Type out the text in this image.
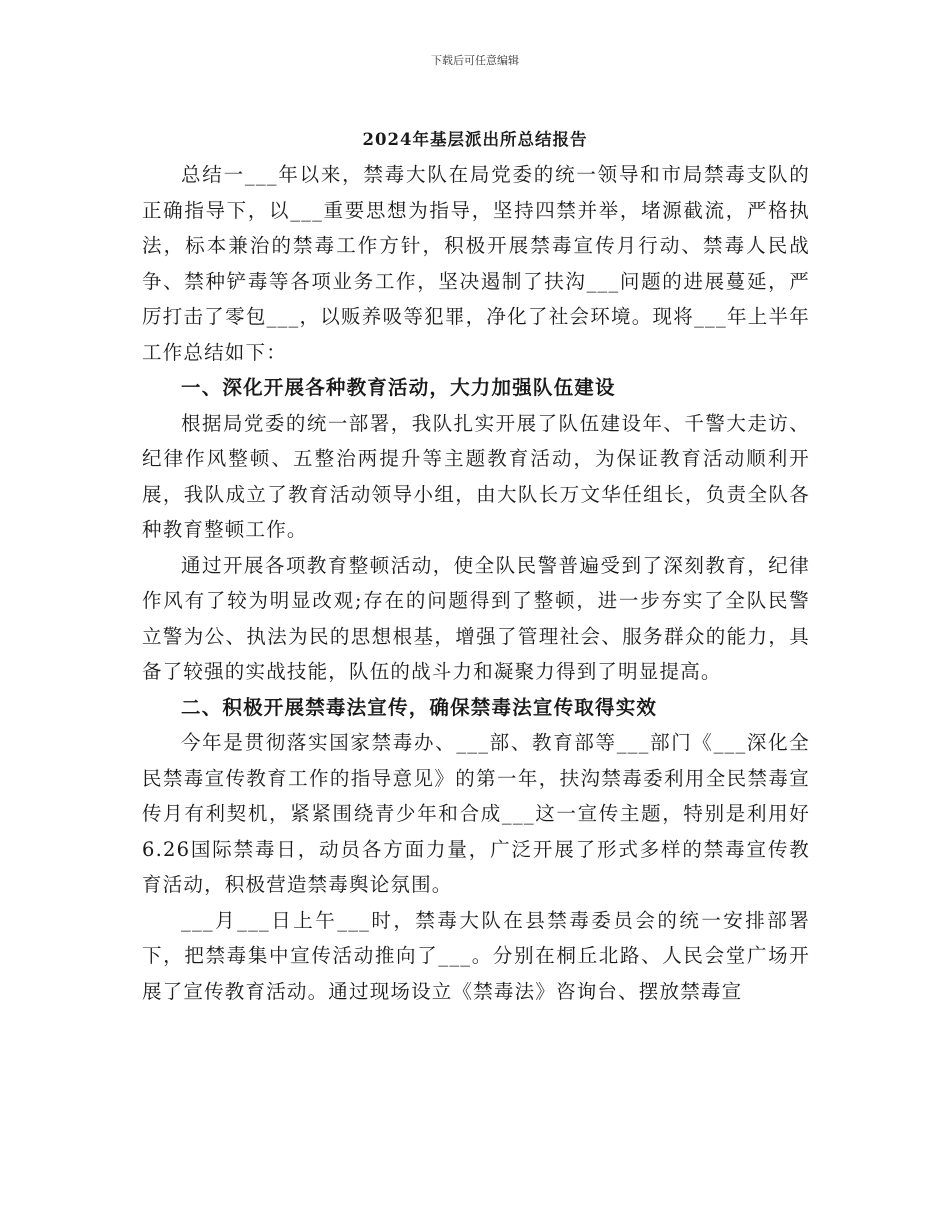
下载后可任意编辑
2024年基层派出所总结报告

总结一___年以来，禁毒大队在局党委的统一领导和市局禁毒支队的正确指导下，以___重要思想为指导，坚持四禁并举，堵源截流，严格执法，标本兼治的禁毒工作方针，积极开展禁毒宣传月行动、禁毒人民战争、禁种铲毒等各项业务工作，坚决遏制了扶沟___问题的进展蔓延，严厉打击了零包___，以贩养吸等犯罪，净化了社会环境。现将___年上半年工作总结如下：

一、深化开展各种教育活动，大力加强队伍建设

根据局党委的统一部署，我队扎实开展了队伍建设年、千警大走访、纪律作风整顿、五整治两提升等主题教育活动，为保证教育活动顺利开展，我队成立了教育活动领导小组，由大队长万文华任组长，负责全队各种教育整顿工作。

通过开展各项教育整顿活动，使全队民警普遍受到了深刻教育，纪律作风有了较为明显改观;存在的问题得到了整顿，进一步夯实了全队民警立警为公、执法为民的思想根基，增强了管理社会、服务群众的能力，具备了较强的实战技能，队伍的战斗力和凝聚力得到了明显提高。

二、积极开展禁毒法宣传，确保禁毒法宣传取得实效

今年是贯彻落实国家禁毒办、___部、教育部等___部门《___深化全民禁毒宣传教育工作的指导意见》的第一年，扶沟禁毒委利用全民禁毒宣传月有利契机，紧紧围绕青少年和合成___这一宣传主题，特别是利用好6.26国际禁毒日，动员各方面力量，广泛开展了形式多样的禁毒宣传教育活动，积极营造禁毒舆论氛围。

___月___日上午___时，禁毒大队在县禁毒委员会的统一安排部署下，把禁毒集中宣传活动推向了___。分别在桐丘北路、人民会堂广场开展了宣传教育活动。通过现场设立《禁毒法》咨询台、摆放禁毒宣
